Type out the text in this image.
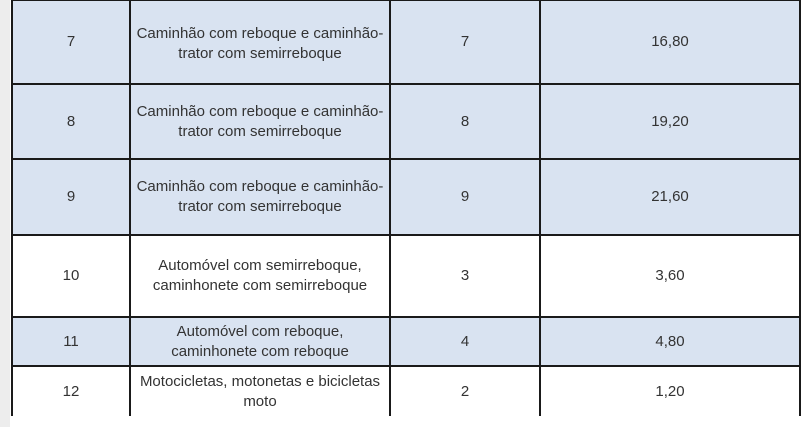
7	Caminhão com reboque e caminhão-trator com semirreboque	7	16,80
8	Caminhão com reboque e caminhão-trator com semirreboque	8	19,20
9	Caminhão com reboque e caminhão-trator com semirreboque	9	21,60
10	Automóvel com semirreboque, caminhonete com semirreboque	3	3,60
11	Automóvel com reboque, caminhonete com reboque	4	4,80
12	Motocicletas, motonetas e bicicletas moto	2	1,20
